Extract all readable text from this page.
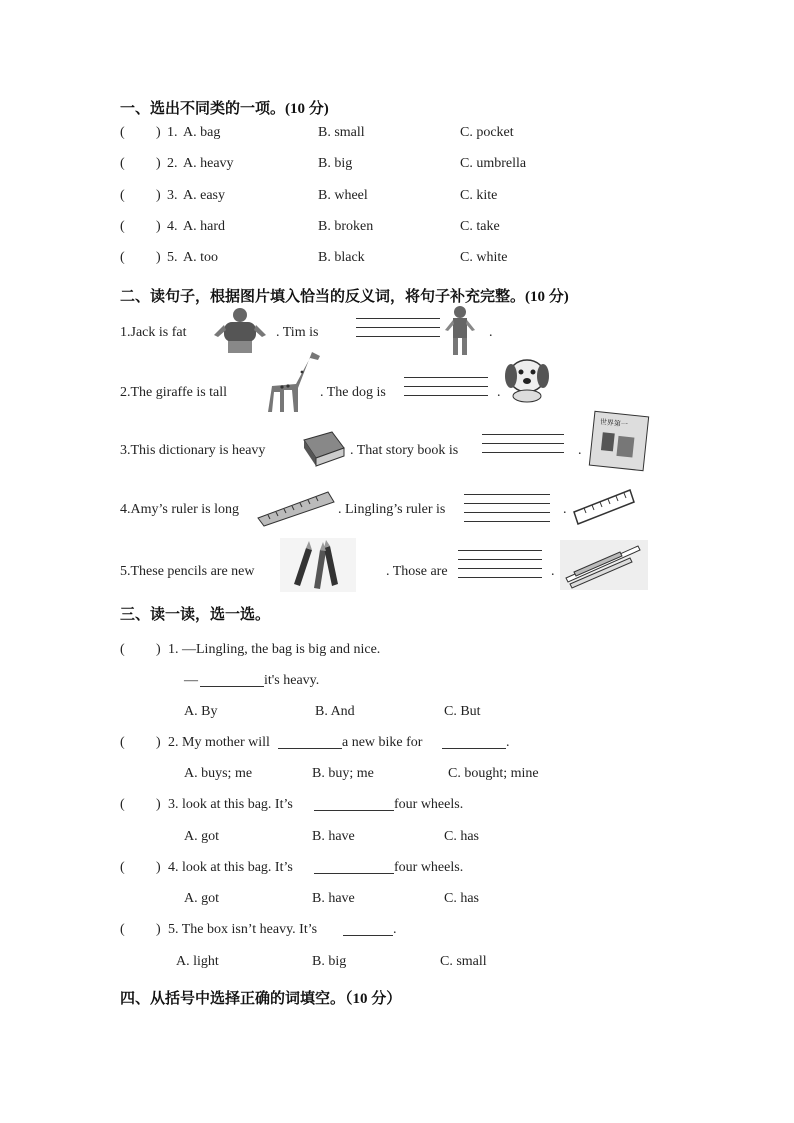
一、选出不同类的一项。(10 分)
( ) 1. A. bag	B. small	C. pocket
( ) 2. A. heavy	B. big	C. umbrella
( ) 3. A. easy	B. wheel	C. kite
( ) 4. A. hard	B. broken	C. take
( ) 5. A. too	B. black	C. white
二、读句子，根据图片填入恰当的反义词，将句子补充完整。(10 分)
1.Jack is fat	. Tim is	.
2.The giraffe is tall	. The dog is	.
3.This dictionary is heavy	. That story book is	.
世界第一
4.Amy’s ruler is long	. Lingling’s ruler is	.
5.These pencils are new	. Those are	.
三、读一读，选一选。
( ) 1. —Lingling, the bag is big and nice.
—	it's heavy.
A. By	B. And	C. But
( ) 2. My mother will	a new bike for	.
A. buys; me	B. buy; me	C. bought; mine
( ) 3. look at this bag. It’s	four wheels.
A. got	B. have	C. has
( ) 4. look at this bag. It’s	four wheels.
A. got	B. have	C. has
( ) 5. The box isn’t heavy. It’s	.
A. light	B. big	C. small
四、从括号中选择正确的词填空。（10 分）
